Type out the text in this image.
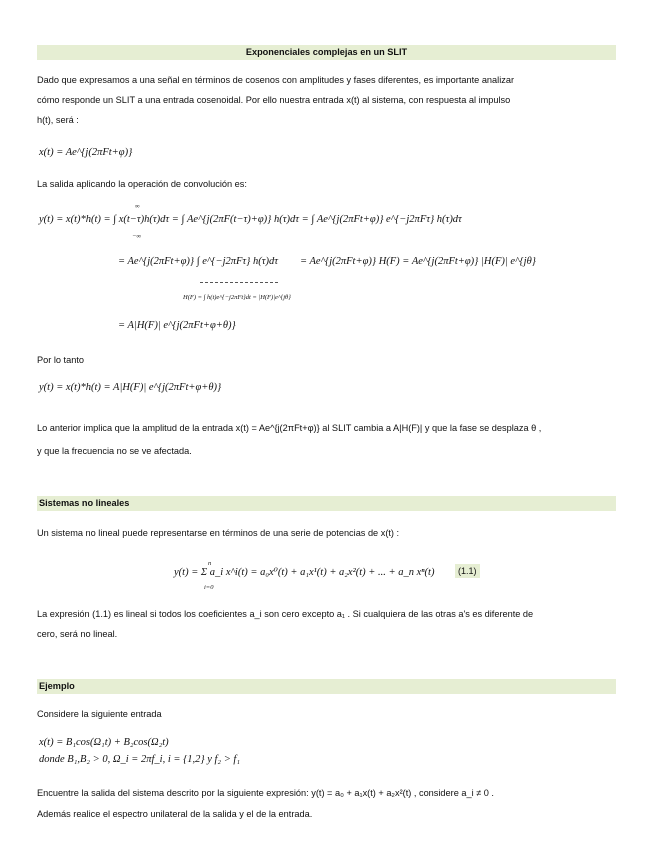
Exponenciales complejas en un SLIT
Dado que expresamos a una señal en términos de cosenos con amplitudes y fases diferentes, es importante analizar
cómo responde un SLIT a una entrada cosenoidal. Por ello nuestra entrada x(t) al sistema, con respuesta al impulso
h(t), será :
x(t) = Ae^{j(2πFt+φ)}
La salida aplicando la operación de convolución es:
y(t) = x(t)*h(t) = ∫ x(t−τ)h(τ)dτ = ∫ Ae^{j(2πF(t−τ)+φ)} h(τ)dτ = ∫ Ae^{j(2πFt+φ)} e^{−j2πFτ} h(τ)dτ
∞
−∞
= Ae^{j(2πFt+φ)} ∫ e^{−j2πFτ} h(τ)dτ = Ae^{j(2πFt+φ)} H(F) = Ae^{j(2πFt+φ)} |H(F)| e^{jθ}
H(F) = ∫ h(t)e^{−j2πFt}dt = |H(F)|e^{jθ}
= A|H(F)| e^{j(2πFt+φ+θ)}
Por lo tanto
y(t) = x(t)*h(t) = A|H(F)| e^{j(2πFt+φ+θ)}
Lo anterior implica que la amplitud de la entrada x(t) = Ae^{j(2πFt+φ)} al SLIT cambia a A|H(F)| y que la fase se desplaza θ ,
y que la frecuencia no se ve afectada.
Sistemas no lineales
Un sistema no lineal puede representarse en términos de una serie de potencias de x(t) :
n
y(t) = Σ a_i x^i(t) = a₀x⁰(t) + a₁x¹(t) + a₂x²(t) + ... + a_n xⁿ(t)
i=0
(1.1)
La expresión (1.1) es lineal si todos los coeficientes a_i son cero excepto a₁ . Si cualquiera de las otras a's es diferente de
cero, será no lineal.
Ejemplo
Considere la siguiente entrada
x(t) = B₁cos(Ω₁t) + B₂cos(Ω₂t)
donde B₁,B₂ > 0, Ω_i = 2πf_i, i = {1,2} y f₂ > f₁
Encuentre la salida del sistema descrito por la siguiente expresión: y(t) = a₀ + a₁x(t) + a₂x²(t) , considere a_i ≠ 0 .
Además realice el espectro unilateral de la salida y el de la entrada.
